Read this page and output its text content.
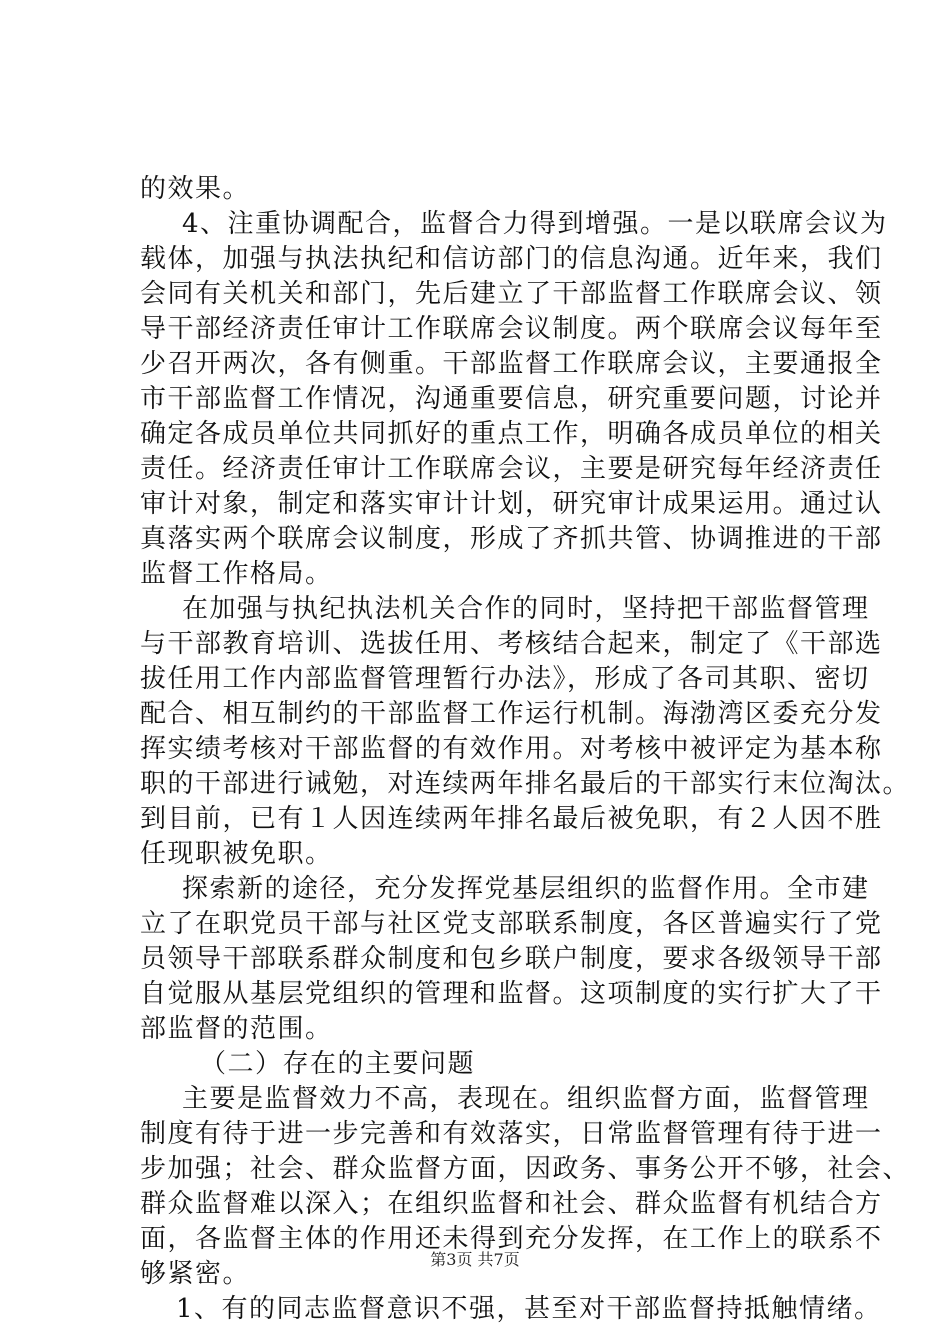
的效果。
4、注重协调配合，监督合力得到增强。一是以联席会议为
载体，加强与执法执纪和信访部门的信息沟通。近年来，我们
会同有关机关和部门，先后建立了干部监督工作联席会议、领
导干部经济责任审计工作联席会议制度。两个联席会议每年至
少召开两次，各有侧重。干部监督工作联席会议，主要通报全
市干部监督工作情况，沟通重要信息，研究重要问题，讨论并
确定各成员单位共同抓好的重点工作，明确各成员单位的相关
责任。经济责任审计工作联席会议，主要是研究每年经济责任
审计对象，制定和落实审计计划，研究审计成果运用。通过认
真落实两个联席会议制度，形成了齐抓共管、协调推进的干部
监督工作格局。
在加强与执纪执法机关合作的同时，坚持把干部监督管理
与干部教育培训、选拔任用、考核结合起来，制定了《干部选
拔任用工作内部监督管理暂行办法》，形成了各司其职、密切
配合、相互制约的干部监督工作运行机制。海渤湾区委充分发
挥实绩考核对干部监督的有效作用。对考核中被评定为基本称
职的干部进行诫勉，对连续两年排名最后的干部实行末位淘汰。
到目前，已有１人因连续两年排名最后被免职，有２人因不胜
任现职被免职。
探索新的途径，充分发挥党基层组织的监督作用。全市建
立了在职党员干部与社区党支部联系制度，各区普遍实行了党
员领导干部联系群众制度和包乡联户制度，要求各级领导干部
自觉服从基层党组织的管理和监督。这项制度的实行扩大了干
部监督的范围。
（二）存在的主要问题
主要是监督效力不高，表现在。组织监督方面，监督管理
制度有待于进一步完善和有效落实，日常监督管理有待于进一
步加强；社会、群众监督方面，因政务、事务公开不够，社会、
群众监督难以深入；在组织监督和社会、群众监督有机结合方
面，各监督主体的作用还未得到充分发挥，在工作上的联系不
够紧密。
1、有的同志监督意识不强，甚至对干部监督持抵触情绪。
第3页 共7页
